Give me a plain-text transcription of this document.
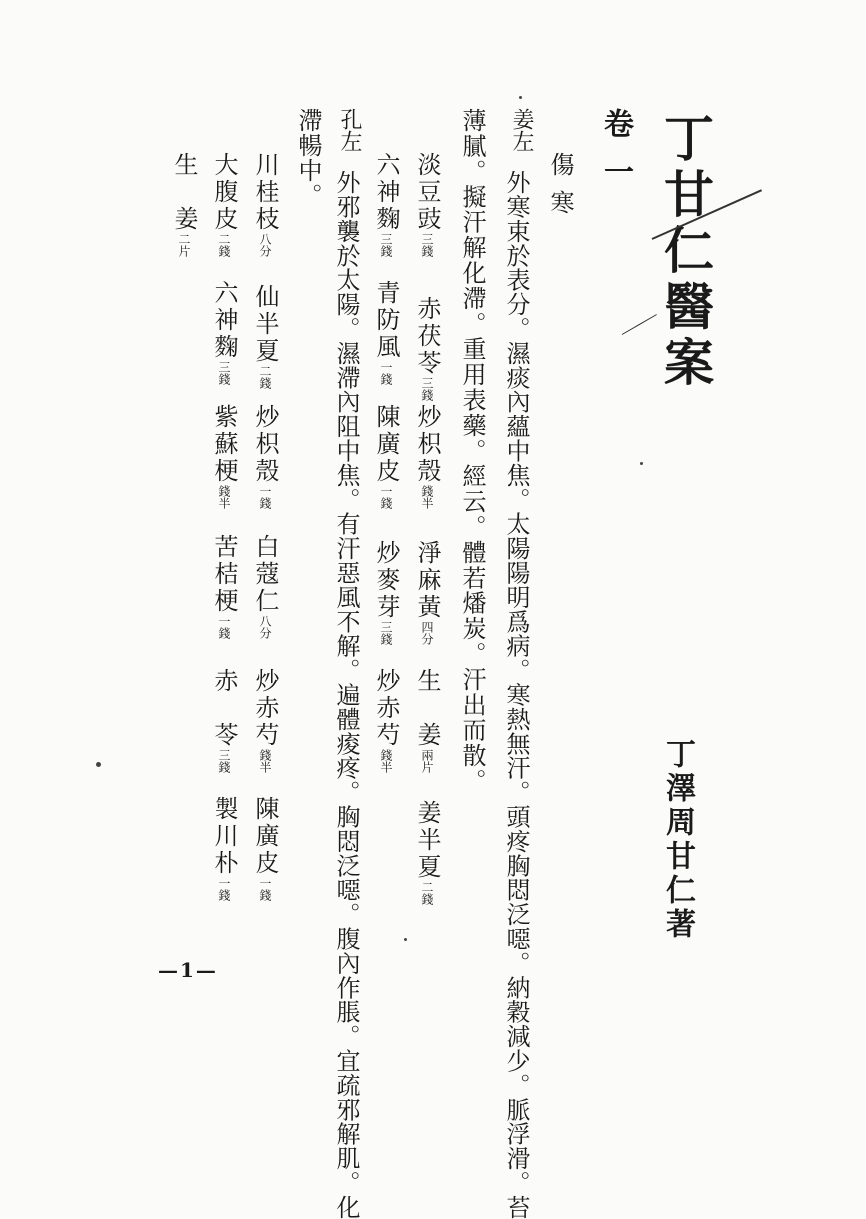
丁甘仁醫案
丁澤周甘仁著
卷一
傷寒
姜左
外寒束於表分。濕痰內蘊中焦。太陽陽明爲病。寒熱無汗。頭疼胸悶泛噁。納穀減少。脈浮滑。苔
薄膩。擬汗解化滯。重用表藥。經云。體若燔炭。汗出而散。
淡豆豉三錢
赤茯苓三錢
炒枳殼錢半
淨麻黃四分
生　姜兩片
姜半夏二錢
六神麴三錢
青防風一錢
陳廣皮一錢
炒麥芽三錢
炒赤芍錢半
孔左
外邪襲於太陽。濕滯內阻中焦。有汗惡風不解。遍體痠疼。胸悶泛噁。腹內作脹。宜疏邪解肌。化
滯暢中。
川桂枝八分
仙半夏二錢
炒枳殼一錢
白蔻仁八分
炒赤芍錢半
陳廣皮一錢
大腹皮二錢
六神麴三錢
紫蘇梗錢半
苦桔梗一錢
赤　苓三錢
製川朴一錢
生　姜二片
—1—
